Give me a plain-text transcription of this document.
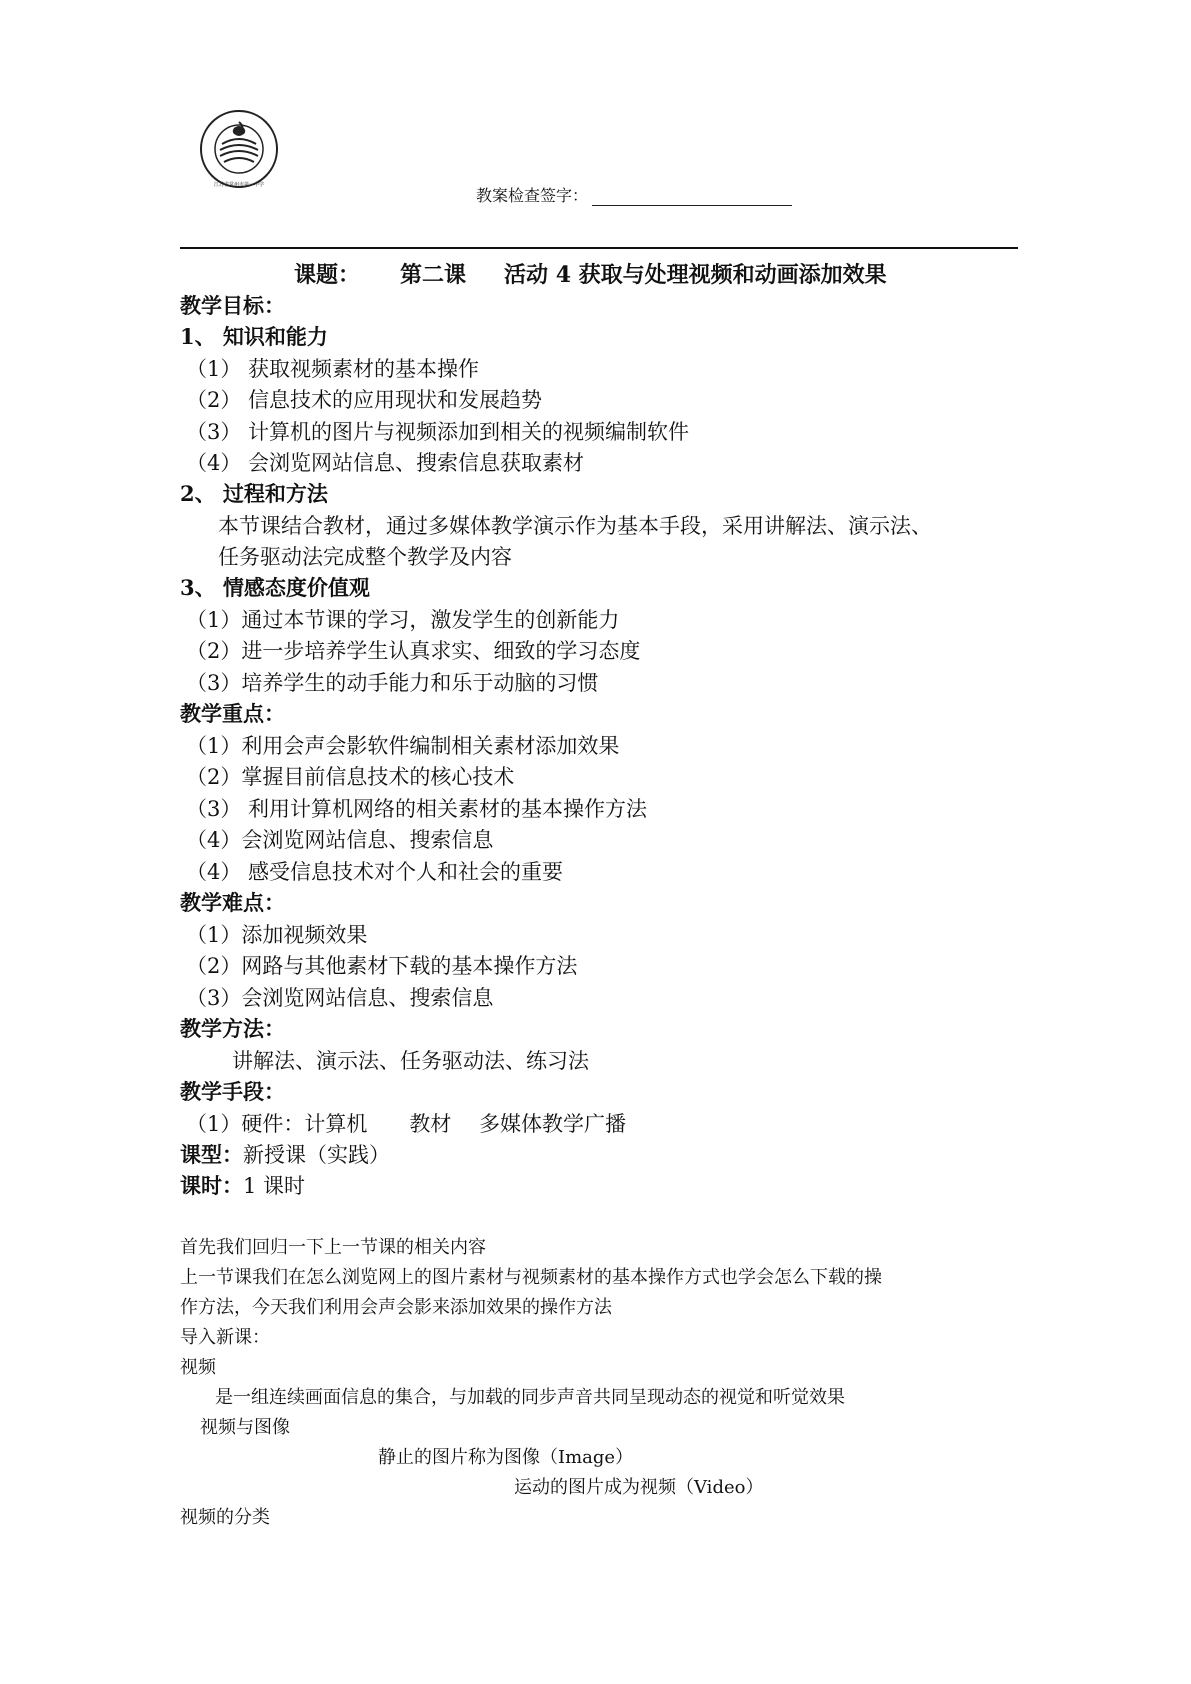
江苏省常州市第一中学
教案检查签字：
课题： 第二课 活动 4 获取与处理视频和动画添加效果
教学目标：
1、 知识和能力
（1） 获取视频素材的基本操作
（2） 信息技术的应用现状和发展趋势
（3） 计算机的图片与视频添加到相关的视频编制软件
（4） 会浏览网站信息、搜索信息获取素材
2、 过程和方法
本节课结合教材，通过多媒体教学演示作为基本手段，采用讲解法、演示法、
任务驱动法完成整个教学及内容
3、 情感态度价值观
（1）通过本节课的学习，激发学生的创新能力
（2）进一步培养学生认真求实、细致的学习态度
（3）培养学生的动手能力和乐于动脑的习惯
教学重点：
（1）利用会声会影软件编制相关素材添加效果
（2）掌握目前信息技术的核心技术
（3） 利用计算机网络的相关素材的基本操作方法
（4）会浏览网站信息、搜索信息
（4） 感受信息技术对个人和社会的重要
教学难点：
（1）添加视频效果
（2）网路与其他素材下载的基本操作方法
（3）会浏览网站信息、搜索信息
教学方法：
讲解法、演示法、任务驱动法、练习法
教学手段：
（1）硬件：计算机　　教材　 多媒体教学广播
课型：新授课（实践）
课时：1 课时
首先我们回归一下上一节课的相关内容
上一节课我们在怎么浏览网上的图片素材与视频素材的基本操作方式也学会怎么下载的操
作方法，今天我们利用会声会影来添加效果的操作方法
导入新课：
视频
是一组连续画面信息的集合，与加载的同步声音共同呈现动态的视觉和听觉效果
视频与图像
静止的图片称为图像（Image）
运动的图片成为视频（Video）
视频的分类
